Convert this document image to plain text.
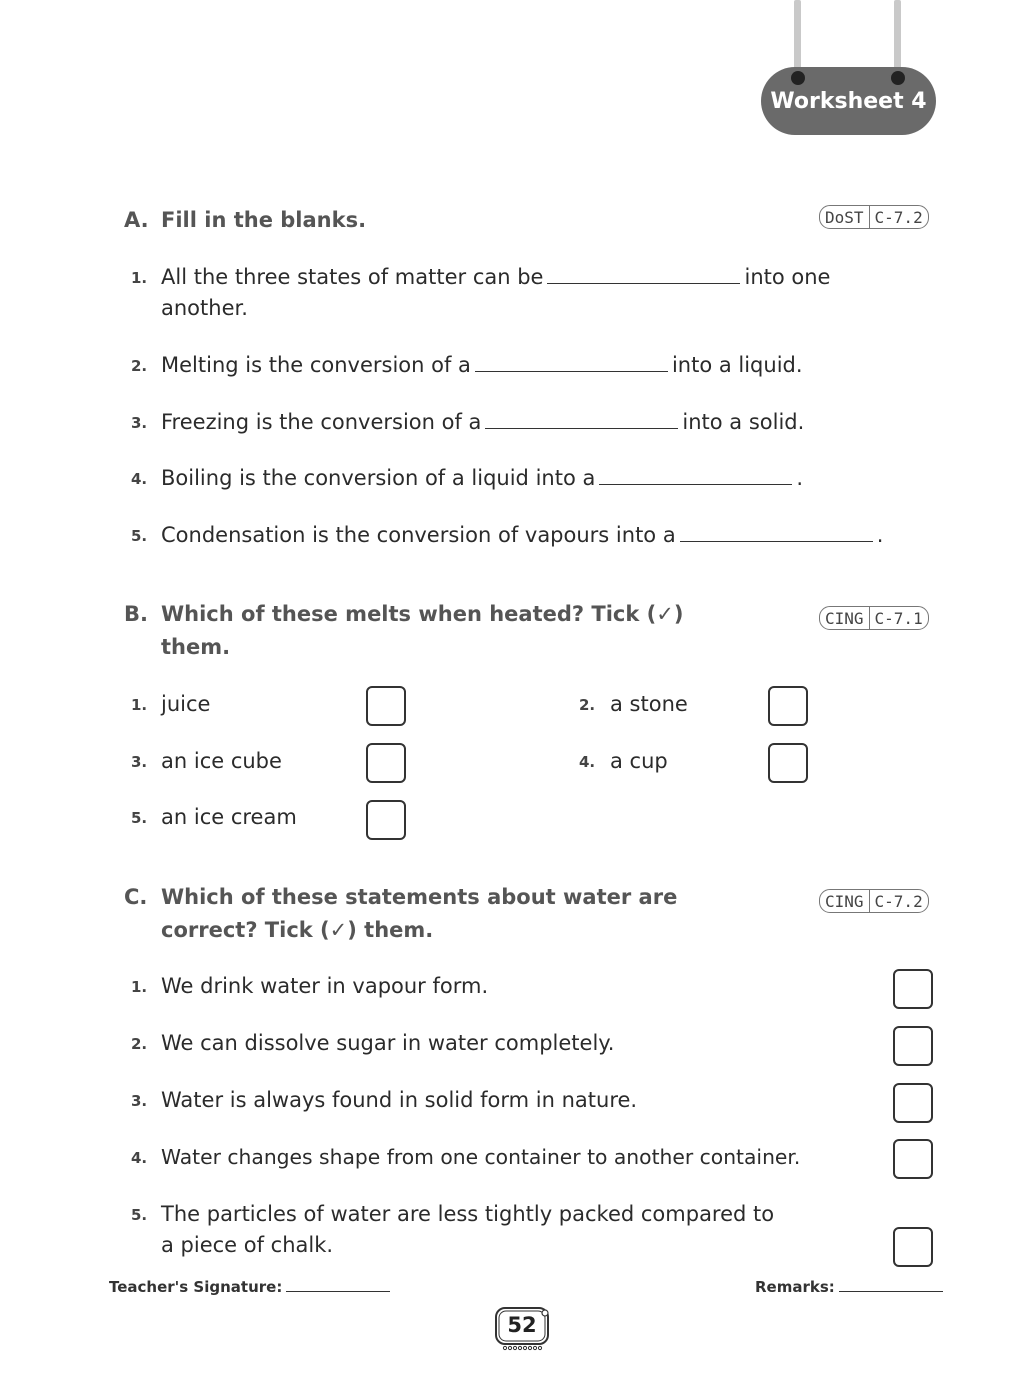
Worksheet 4
A. Fill in the blanks.	DoST C-7.2
1. All the three states of matter can be	into one
another.
2. Melting is the conversion of a	into a liquid.
3. Freezing is the conversion of a	into a solid.
4. Boiling is the conversion of a liquid into a	.
5. Condensation is the conversion of vapours into a	.
B. Which of these melts when heated? Tick (✓)
them.
CING C-7.1
1. juice	2. a stone
3. an ice cube	4. a cup
5. an ice cream
C. Which of these statements about water are
correct? Tick (✓) them.
CING C-7.2
1. We drink water in vapour form.
2. We can dissolve sugar in water completely.
3. Water is always found in solid form in nature.
4. Water changes shape from one container to another container.
5. The particles of water are less tightly packed compared to
a piece of chalk.
Teacher's Signature:	Remarks:
52
